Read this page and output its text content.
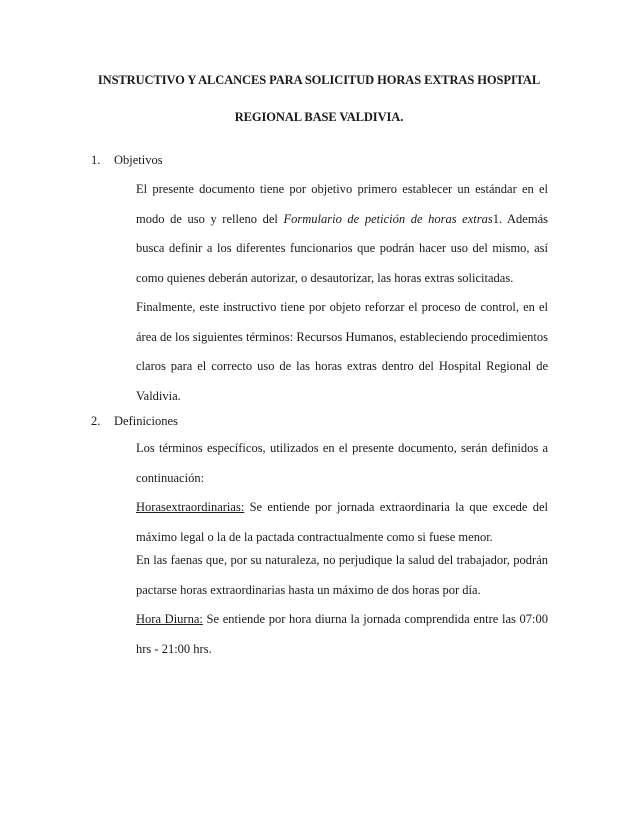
INSTRUCTIVO Y ALCANCES PARA SOLICITUD HORAS EXTRAS HOSPITAL
REGIONAL BASE VALDIVIA.
1. Objetivos
El presente documento tiene por objetivo primero establecer un estándar en el
modo de uso y relleno del Formulario de petición de horas extras1. Además
busca definir a los diferentes funcionarios que podrán hacer uso del mismo, así
como quienes deberán autorizar, o desautorizar, las horas extras solicitadas.
Finalmente, este instructivo tiene por objeto reforzar el proceso de control, en el
área de los siguientes términos: Recursos Humanos, estableciendo procedimientos
claros para el correcto uso de las horas extras dentro del Hospital Regional de
Valdivia.
2. Definiciones
Los términos específicos, utilizados en el presente documento, serán definidos a
continuación:
Horasextraordinarias: Se entiende por jornada extraordinaria la que excede del
máximo legal o la de la pactada contractualmente como si fuese menor.
En las faenas que, por su naturaleza, no perjudique la salud del trabajador, podrán
pactarse horas extraordinarias hasta un máximo de dos horas por día.
Hora Diurna: Se entiende por hora diurna la jornada comprendida entre las 07:00
hrs - 21:00 hrs.
